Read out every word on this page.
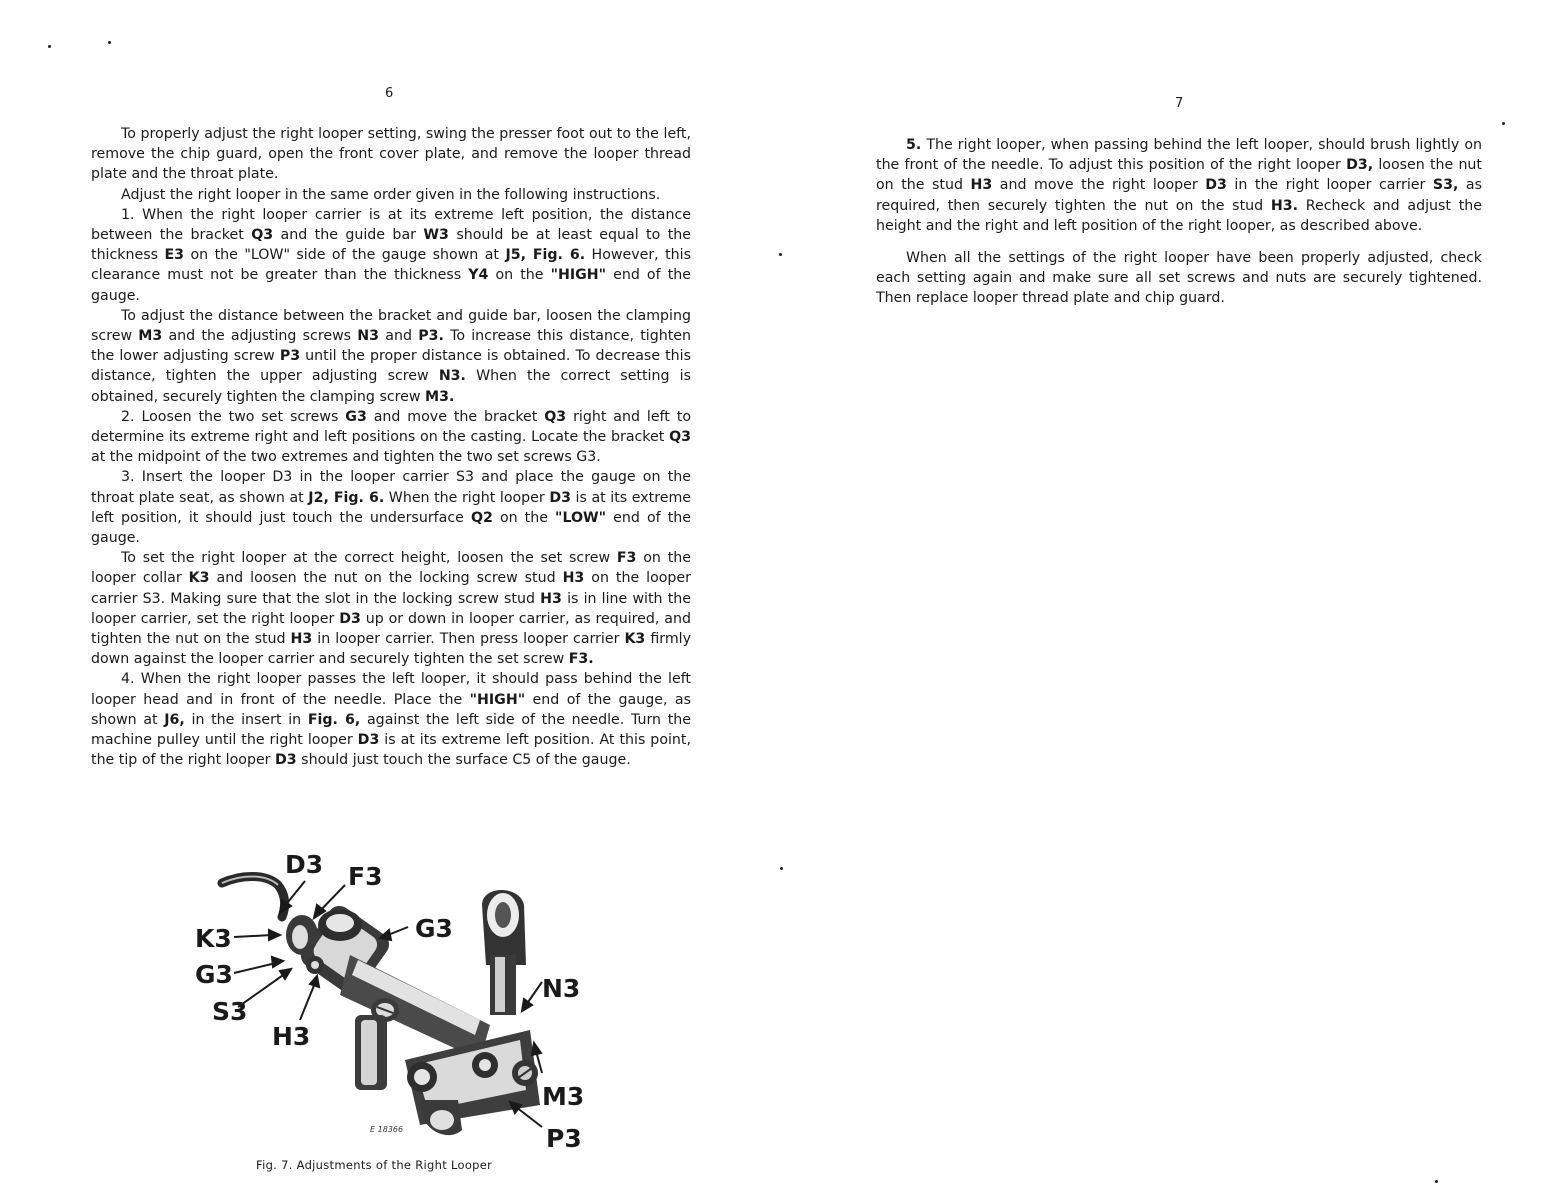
6

To properly adjust the right looper setting, swing the presser foot out to the left, remove the chip guard, open the front cover plate, and remove the looper thread plate and the throat plate.

Adjust the right looper in the same order given in the following instructions.

1. When the right looper carrier is at its extreme left position, the distance between the bracket Q3 and the guide bar W3 should be at least equal to the thickness E3 on the "LOW" side of the gauge shown at J5, Fig. 6. However, this clearance must not be greater than the thickness Y4 on the "HIGH" end of the gauge.

To adjust the distance between the bracket and guide bar, loosen the clamping screw M3 and the adjusting screws N3 and P3. To increase this distance, tighten the lower adjusting screw P3 until the proper distance is obtained. To decrease this distance, tighten the upper adjusting screw N3. When the correct setting is obtained, securely tighten the clamping screw M3.

2. Loosen the two set screws G3 and move the bracket Q3 right and left to determine its extreme right and left positions on the casting. Locate the bracket Q3 at the midpoint of the two extremes and tighten the two set screws G3.

3. Insert the looper D3 in the looper carrier S3 and place the gauge on the throat plate seat, as shown at J2, Fig. 6. When the right looper D3 is at its extreme left position, it should just touch the undersurface Q2 on the "LOW" end of the gauge.

To set the right looper at the correct height, loosen the set screw F3 on the looper collar K3 and loosen the nut on the locking screw stud H3 on the looper carrier S3. Making sure that the slot in the locking screw stud H3 is in line with the looper carrier, set the right looper D3 up or down in looper carrier, as required, and tighten the nut on the stud H3 in looper carrier. Then press looper carrier K3 firmly down against the looper carrier and securely tighten the set screw F3.

4. When the right looper passes the left looper, it should pass behind the left looper head and in front of the needle. Place the "HIGH" end of the gauge, as shown at J6, in the insert in Fig. 6, against the left side of the needle. Turn the machine pulley until the right looper D3 is at its extreme left position. At this point, the tip of the right looper D3 should just touch the surface C5 of the gauge.

D3 F3
K3	G3
G3
S3
H3
N3
M3
P3
E 18366
Fig. 7. Adjustments of the Right Looper
7

5. The right looper, when passing behind the left looper, should brush lightly on the front of the needle. To adjust this position of the right looper D3, loosen the nut on the stud H3 and move the right looper D3 in the right looper carrier S3, as required, then securely tighten the nut on the stud H3. Recheck and adjust the height and the right and left position of the right looper, as described above.

When all the settings of the right looper have been properly adjusted, check each setting again and make sure all set screws and nuts are securely tightened. Then replace looper thread plate and chip guard.
